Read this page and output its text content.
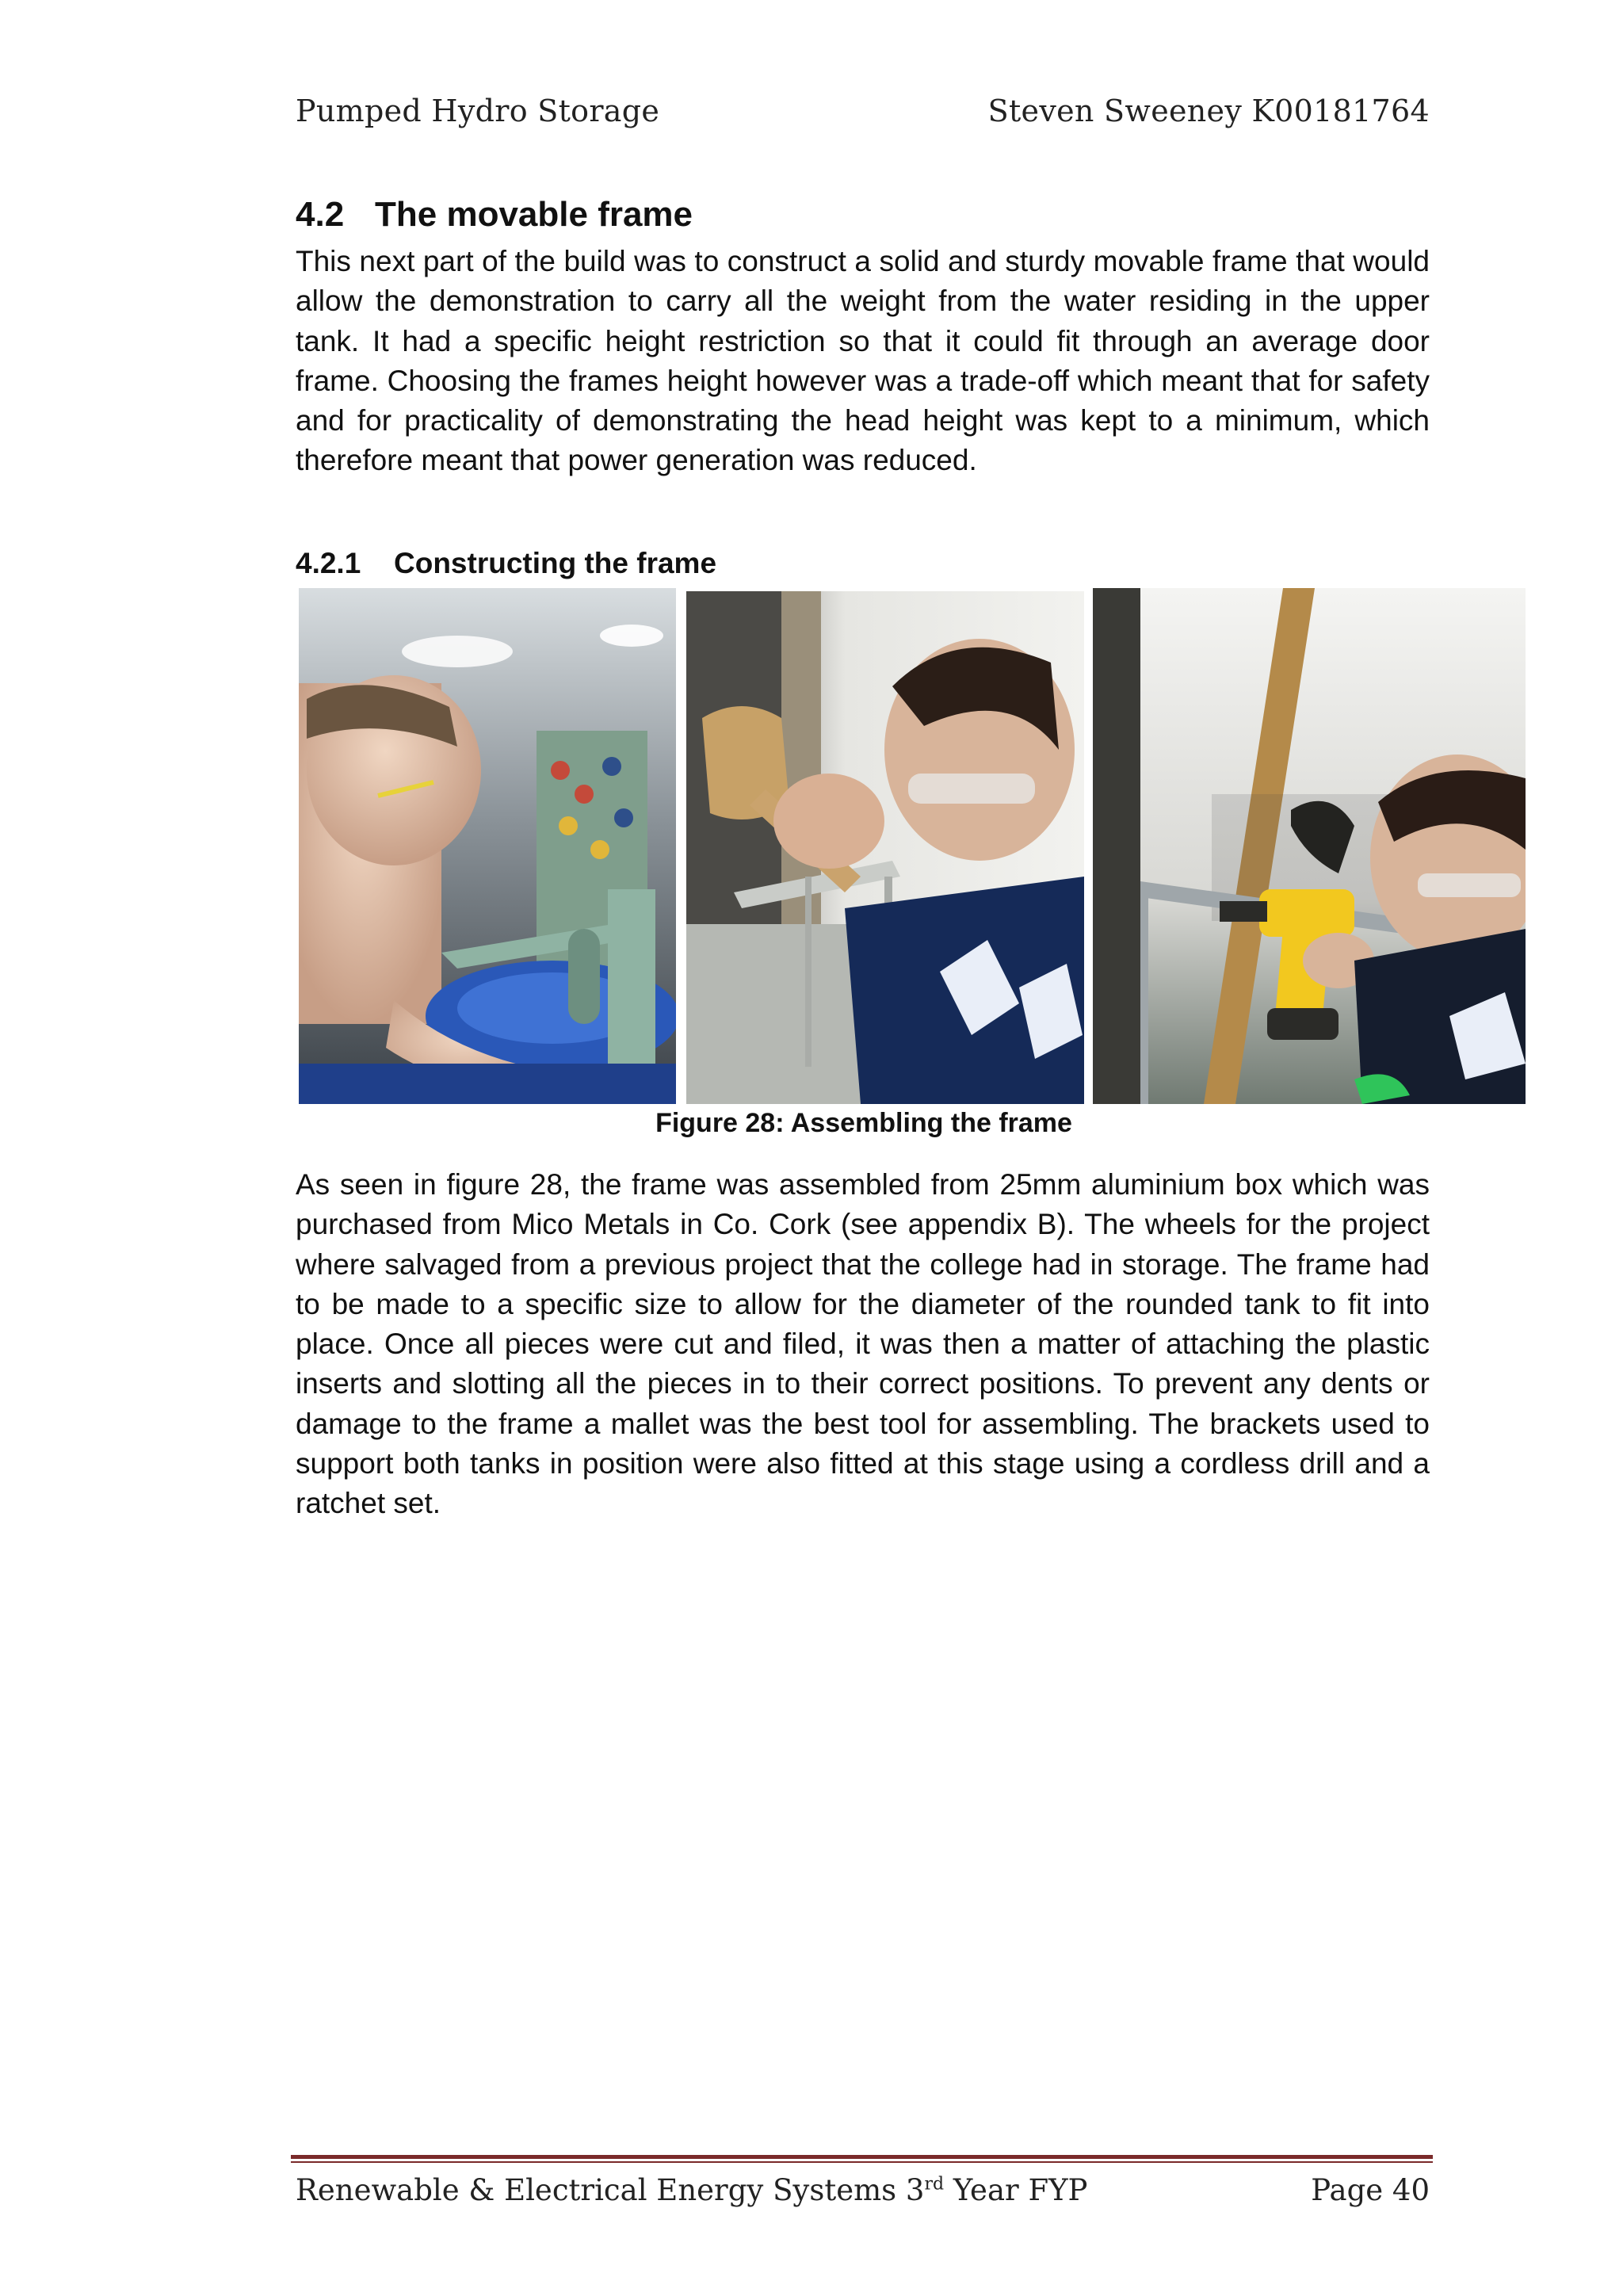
Pumped Hydro Storage	Steven Sweeney K00181764
4.2 The movable frame
This next part of the build was to construct a solid and sturdy movable frame that would allow the demonstration to carry all the weight from the water residing in the upper tank. It had a specific height restriction so that it could fit through an average door frame. Choosing the frames height however was a trade-off which meant that for safety and for practicality of demonstrating the head height was kept to a minimum, which therefore meant that power generation was reduced.
4.2.1 Constructing the frame
Figure 28: Assembling the frame
As seen in figure 28, the frame was assembled from 25mm aluminium box which was purchased from Mico Metals in Co. Cork (see appendix B). The wheels for the project where salvaged from a previous project that the college had in storage. The frame had to be made to a specific size to allow for the diameter of the rounded tank to fit into place. Once all pieces were cut and filed, it was then a matter of attaching the plastic inserts and slotting all the pieces in to their correct positions. To prevent any dents or damage to the frame a mallet was the best tool for assembling. The brackets used to support both tanks in position were also fitted at this stage using a cordless drill and a ratchet set.
Renewable & Electrical Energy Systems 3rd Year FYP	Page 40
